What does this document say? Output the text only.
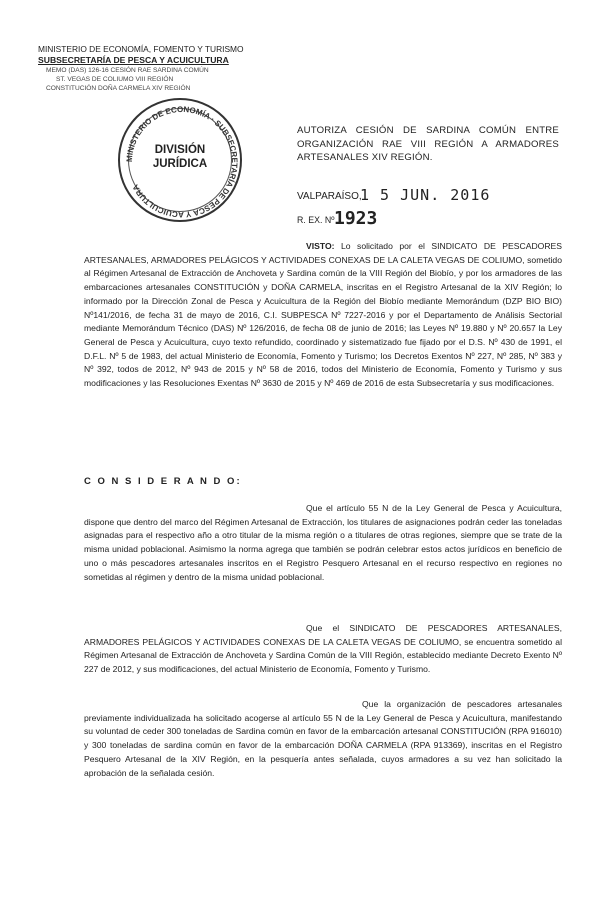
MINISTERIO DE ECONOMÍA, FOMENTO Y TURISMO
SUBSECRETARÍA DE PESCA Y ACUICULTURA
MEMO (DAS) 126-16 CESIÓN RAE SARDINA COMÚN
ST. VEGAS DE COLIUMO VIII REGIÓN
CONSTITUCIÓN DOÑA CARMELA XIV REGIÓN
MINISTERIO DE ECONOMÍA · SUBSECRETARÍA DE PESCA Y ACUICULTURA
DIVISIÓN
JURÍDICA
AUTORIZA CESIÓN DE SARDINA COMÚN ENTRE ORGANIZACIÓN RAE VIII REGIÓN A ARMADORES ARTESANALES XIV REGIÓN.
VALPARAÍSO,
1 5 JUN. 2016
R. EX. Nº 1923

VISTO: Lo solicitado por el SINDICATO DE PESCADORES ARTESANALES, ARMADORES PELÁGICOS Y ACTIVIDADES CONEXAS DE LA CALETA VEGAS DE COLIUMO, sometido al Régimen Artesanal de Extracción de Anchoveta y Sardina común de la VIII Región del Biobío, y por los armadores de las embarcaciones artesanales CONSTITUCIÓN y DOÑA CARMELA, inscritas en el Registro Artesanal de la XIV Región; lo informado por la Dirección Zonal de Pesca y Acuicultura de la Región del Biobío mediante Memorándum (DZP BIO BIO) Nº141/2016, de fecha 31 de mayo de 2016, C.I. SUBPESCA Nº 7227-2016 y por el Departamento de Análisis Sectorial mediante Memorándum Técnico (DAS) Nº 126/2016, de fecha 08 de junio de 2016; las Leyes Nº 19.880 y Nº 20.657 la Ley General de Pesca y Acuicultura, cuyo texto refundido, coordinado y sistematizado fue fijado por el D.S. Nº 430 de 1991, el D.F.L. Nº 5 de 1983, del actual Ministerio de Economía, Fomento y Turismo; los Decretos Exentos Nº 227, Nº 285, Nº 383 y Nº 392, todos de 2012, Nº 943 de 2015 y Nº 58 de 2016, todos del Ministerio de Economía, Fomento y Turismo y sus modificaciones y las Resoluciones Exentas Nº 3630 de 2015 y Nº 469 de 2016 de esta Subsecretaría y sus modificaciones.

C O N S I D E R A N D O:

Que el artículo 55 N de la Ley General de Pesca y Acuicultura, dispone que dentro del marco del Régimen Artesanal de Extracción, los titulares de asignaciones podrán ceder las toneladas asignadas para el respectivo año a otro titular de la misma región o a titulares de otras regiones, siempre que se trate de la misma unidad poblacional. Asimismo la norma agrega que también se podrán celebrar estos actos jurídicos en beneficio de uno o más pescadores artesanales inscritos en el Registro Pesquero Artesanal en el recurso respectivo en regiones no sometidas al régimen y dentro de la misma unidad poblacional.

Que el SINDICATO DE PESCADORES ARTESANALES, ARMADORES PELÁGICOS Y ACTIVIDADES CONEXAS DE LA CALETA VEGAS DE COLIUMO, se encuentra sometido al Régimen Artesanal de Extracción de Anchoveta y Sardina Común de la VIII Región, establecido mediante Decreto Exento Nº 227 de 2012, y sus modificaciones, del actual Ministerio de Economía, Fomento y Turismo.

Que la organización de pescadores artesanales previamente individualizada ha solicitado acogerse al artículo 55 N de la Ley General de Pesca y Acuicultura, manifestando su voluntad de ceder 300 toneladas de Sardina común en favor de la embarcación artesanal CONSTITUCIÓN (RPA 916010) y 300 toneladas de sardina común en favor de la embarcación DOÑA CARMELA (RPA 913369), inscritas en el Registro Pesquero Artesanal de la XIV Región, en la pesquería antes señalada, cuyos armadores a su vez han solicitado la aprobación de la señalada cesión.
